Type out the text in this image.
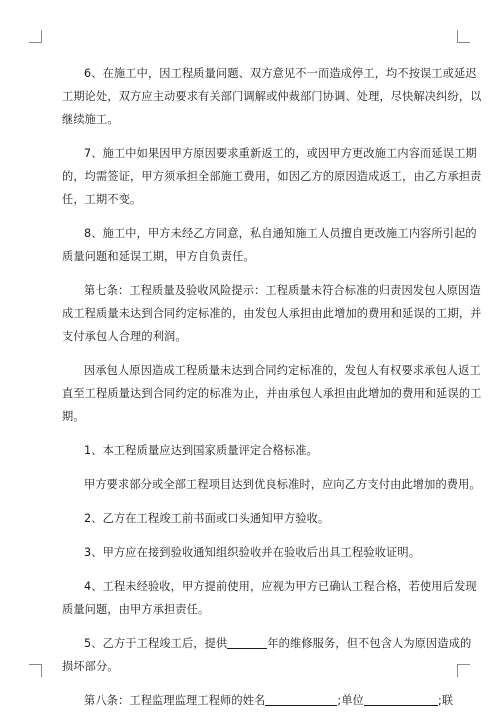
6、在施工中，因工程质量问题、双方意见不一而造成停工，均不按误工或延迟
工期论处，双方应主动要求有关部门调解或仲裁部门协调、处理，尽快解决纠纷，以
继续施工。

7、施工中如果因甲方原因要求重新返工的，或因甲方更改施工内容而延误工期
的，均需签证，甲方须承担全部施工费用，如因乙方的原因造成返工，由乙方承担责
任，工期不变。

8、施工中，甲方未经乙方同意，私自通知施工人员擅自更改施工内容所引起的
质量问题和延误工期，甲方自负责任。

第七条：工程质量及验收风险提示：工程质量未符合标准的归责因发包人原因造
成工程质量未达到合同约定标准的，由发包人承担由此增加的费用和延误的工期，并
支付承包人合理的利润。

因承包人原因造成工程质量未达到合同约定标准的，发包人有权要求承包人返工
直至工程质量达到合同约定的标准为止，并由承包人承担由此增加的费用和延误的工
期。

1、本工程质量应达到国家质量评定合格标准。

甲方要求部分或全部工程项目达到优良标准时，应向乙方支付由此增加的费用。

2、乙方在工程竣工前书面或口头通知甲方验收。

3、甲方应在接到验收通知组织验收并在验收后出具工程验收证明。

4、工程未经验收，甲方提前使用，应视为甲方已确认工程合格，若使用后发现
质量问题，由甲方承担责任。

5、乙方于工程竣工后，提供	年的维修服务，但不包含人为原因造成的
损坏部分。

第八条：工程监理监理工程师的姓名	;单位	;联
